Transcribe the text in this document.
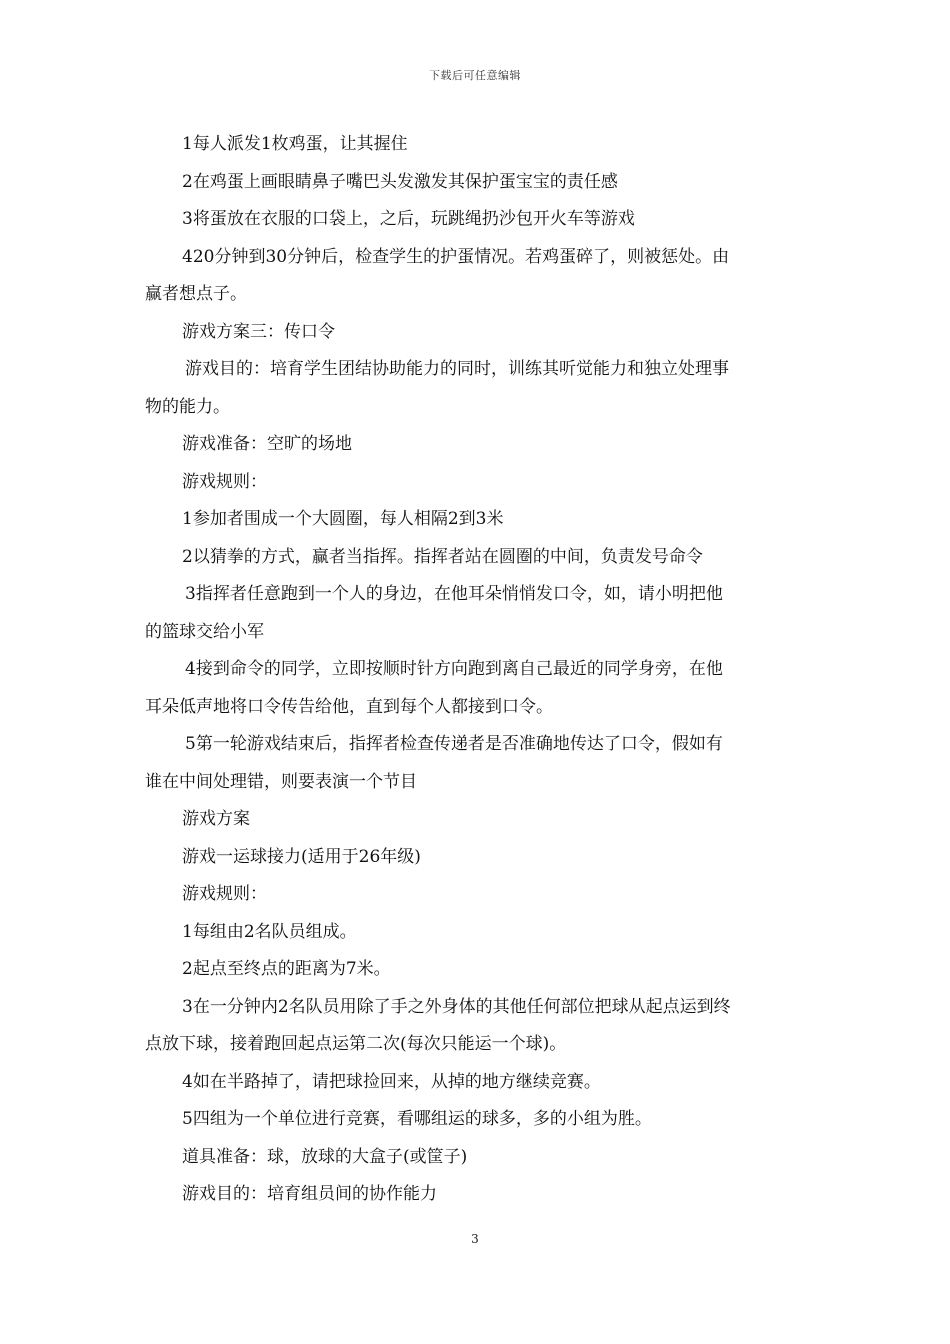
下载后可任意编辑
1每人派发1枚鸡蛋，让其握住
2在鸡蛋上画眼睛鼻子嘴巴头发激发其保护蛋宝宝的责任感
3将蛋放在衣服的口袋上，之后，玩跳绳扔沙包开火车等游戏
420分钟到30分钟后，检查学生的护蛋情况。若鸡蛋碎了，则被惩处。由
赢者想点子。
游戏方案三：传口令
游戏目的：培育学生团结协助能力的同时，训练其听觉能力和独立处理事
物的能力。
游戏准备：空旷的场地
游戏规则：
1参加者围成一个大圆圈，每人相隔2到3米
2以猜拳的方式，赢者当指挥。指挥者站在圆圈的中间，负责发号命令
3指挥者任意跑到一个人的身边，在他耳朵悄悄发口令，如，请小明把他
的篮球交给小军
4接到命令的同学，立即按顺时针方向跑到离自己最近的同学身旁，在他
耳朵低声地将口令传告给他，直到每个人都接到口令。
5第一轮游戏结束后，指挥者检查传递者是否准确地传达了口令，假如有
谁在中间处理错，则要表演一个节目
游戏方案
游戏一运球接力(适用于26年级)
游戏规则：
1每组由2名队员组成。
2起点至终点的距离为7米。
3在一分钟内2名队员用除了手之外身体的其他任何部位把球从起点运到终
点放下球，接着跑回起点运第二次(每次只能运一个球)。
4如在半路掉了，请把球捡回来，从掉的地方继续竞赛。
5四组为一个单位进行竞赛，看哪组运的球多，多的小组为胜。
道具准备：球，放球的大盒子(或筐子)
游戏目的：培育组员间的协作能力
3
